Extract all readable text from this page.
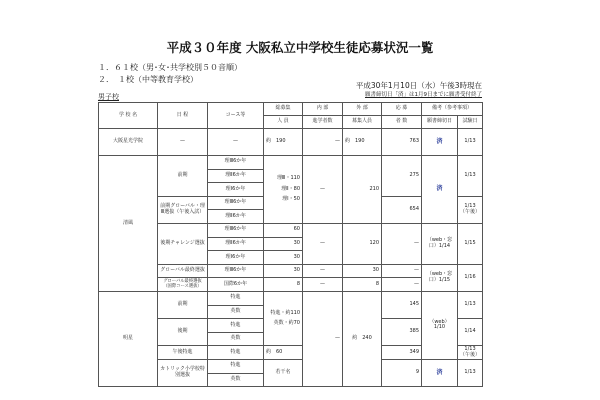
平成３０年度 大阪私立中学校生徒応募状況一覧
１．６１校（男･女･共学校別５０音順）
２．　１校（中等教育学校）
平成30年1月10日（水）午後3時現在
願書締切日「済」は1月9日までに願書受付終了
男子校
学 校 名	日 程	コース等	総募集	内 部	外 部	応 募	備考（参考事項）	
			人 員	進学者数	募集人員	者 数	願書締切日	試験日
大阪星光学院	—	—	約　190	—	約　190	763	済	1/13
清風	前期	理Ⅲ6か年	理Ⅲ・110
理Ⅱ・80
理Ⅰ・50	—	210	275	済	1/13
		理Ⅱ6か年						
		理Ⅰ6か年						
	前期グローバル・理Ⅲ選抜（午後入試）	理Ⅲ6か年				654		1/13（午後）
		理Ⅱ6か年						
	後期チャレンジ選抜	理Ⅲ6か年	60	—	120	—	（web・窓口）1/14	1/15
		理Ⅱ6か年	30					
		理Ⅰ6か年	30					
	グローバル最終選抜	理Ⅲ6か年	30	—	30	—	（web・窓口）1/15	1/16
	グローバル最終選抜（国際コース選抜）	国際6か年	8	—	8	—		
明星	前期	特進	特進・約110
英数・約70	—	約　240	145	（web）1/10	1/13
		英数						
	後期	特進				385		1/14
		英数						
	午後特進	特進	約　60			349		1/13（午後）
	カトリック小学校特別選抜	特進	若干名			9	済	1/13
		英数						
